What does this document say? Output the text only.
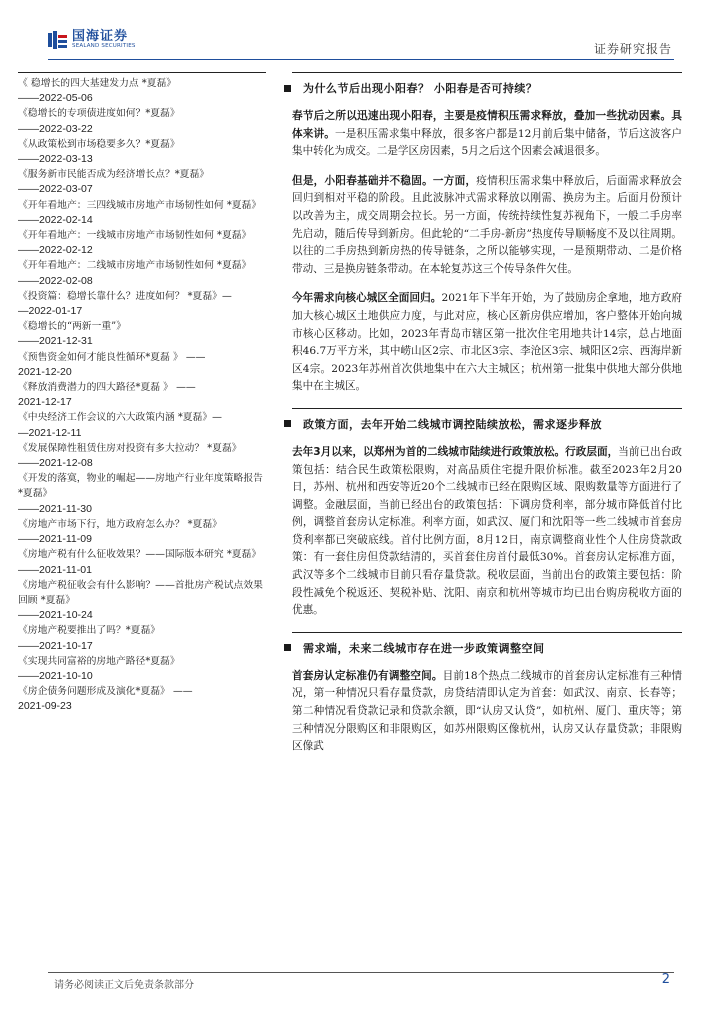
国海证券
SEALAND SECURITIES	证券研究报告

《 稳增长的四大基建发力点 *夏磊》
——2022-05-06

《稳增长的专项债进度如何？*夏磊》
——2022-03-22

《从政策松到市场稳要多久？*夏磊》
——2022-03-13

《服务新市民能否成为经济增长点？*夏磊》
——2022-03-07

《开年看地产：三四线城市房地产市场韧性如何 *夏磊》
——2022-02-14

《开年看地产：一线城市房地产市场韧性如何 *夏磊》
——2022-02-12

《开年看地产：二线城市房地产市场韧性如何 *夏磊》
——2022-02-08

《投资篇：稳增长靠什么？进度如何？ *夏磊》—
—2022-01-17

《稳增长的“两新一重”》
——2021-12-31

《预售资金如何才能良性循环*夏磊 》 ——
2021-12-20

《释放消费潜力的四大路径*夏磊 》 ——
2021-12-17

《中央经济工作会议的六大政策内涵 *夏磊》—
—2021-12-11

《发展保障性租赁住房对投资有多大拉动？ *夏磊》
——2021-12-08

《开发的落寞，物业的崛起——房地产行业年度策略报告 *夏磊》
——2021-11-30

《房地产市场下行，地方政府怎么办？ *夏磊》
——2021-11-09

《房地产税有什么征收效果？——国际版本研究 *夏磊》
——2021-11-01

《房地产税征收会有什么影响？——首批房产税试点效果回顾 *夏磊》
——2021-10-24

《房地产税要推出了吗？*夏磊》
——2021-10-17

《实现共同富裕的房地产路径*夏磊》
——2021-10-10

《房企债务问题形成及演化*夏磊》 ——
2021-09-23

为什么节后出现小阳春？ 小阳春是否可持续？

春节后之所以迅速出现小阳春，主要是疫情积压需求释放，叠加一些扰动因素。具体来讲。一是积压需求集中释放，很多客户都是12月前后集中储备，节后这波客户集中转化为成交。二是学区房因素，5月之后这个因素会减退很多。

但是，小阳春基础并不稳固。一方面，疫情积压需求集中释放后，后面需求释放会回归到相对平稳的阶段。且此波脉冲式需求释放以刚需、换房为主。后面月份预计以改善为主，成交周期会拉长。另一方面，传统持续性复苏视角下，一般二手房率先启动，随后传导到新房。但此轮的“二手房-新房”热度传导顺畅度不及以往周期。以往的二手房热到新房热的传导链条，之所以能够实现，一是预期带动、二是价格带动、三是换房链条带动。在本轮复苏这三个传导条件欠佳。

今年需求向核心城区全面回归。2021年下半年开始，为了鼓励房企拿地，地方政府加大核心城区土地供应力度，与此对应，核心区新房供应增加，客户整体开始向城市核心区移动。比如，2023年青岛市辖区第一批次住宅用地共计14宗，总占地面积46.7万平方米，其中崂山区2宗、市北区3宗、李沧区3宗、城阳区2宗、西海岸新区4宗。2023年苏州首次供地集中在六大主城区；杭州第一批集中供地大部分供地集中在主城区。

政策方面，去年开始二线城市调控陆续放松，需求逐步释放

去年3月以来，以郑州为首的二线城市陆续进行政策放松。行政层面，当前已出台政策包括：结合民生政策松限购，对高品质住宅提升限价标准。截至2023年2月20日，苏州、杭州和西安等近20个二线城市已经在限购区域、限购数量等方面进行了调整。金融层面，当前已经出台的政策包括：下调房贷利率，部分城市降低首付比例，调整首套房认定标准。利率方面，如武汉、厦门和沈阳等一些二线城市首套房贷利率都已突破底线。首付比例方面，8月12日，南京调整商业性个人住房贷款政策：有一套住房但贷款结清的，买首套住房首付最低30%。首套房认定标准方面，武汉等多个二线城市目前只看存量贷款。税收层面，当前出台的政策主要包括：阶段性减免个税返还、契税补贴、沈阳、南京和杭州等城市均已出台购房税收方面的优惠。

需求端，未来二线城市存在进一步政策调整空间

首套房认定标准仍有调整空间。目前18个热点二线城市的首套房认定标准有三种情况，第一种情况只看存量贷款，房贷结清即认定为首套：如武汉、南京、长春等；第二种情况看贷款记录和贷款余额，即“认房又认贷”，如杭州、厦门、重庆等；第三种情况分限购区和非限购区，如苏州限购区像杭州，认房又认存量贷款；非限购区像武

请务必阅读正文后免责条款部分	2
